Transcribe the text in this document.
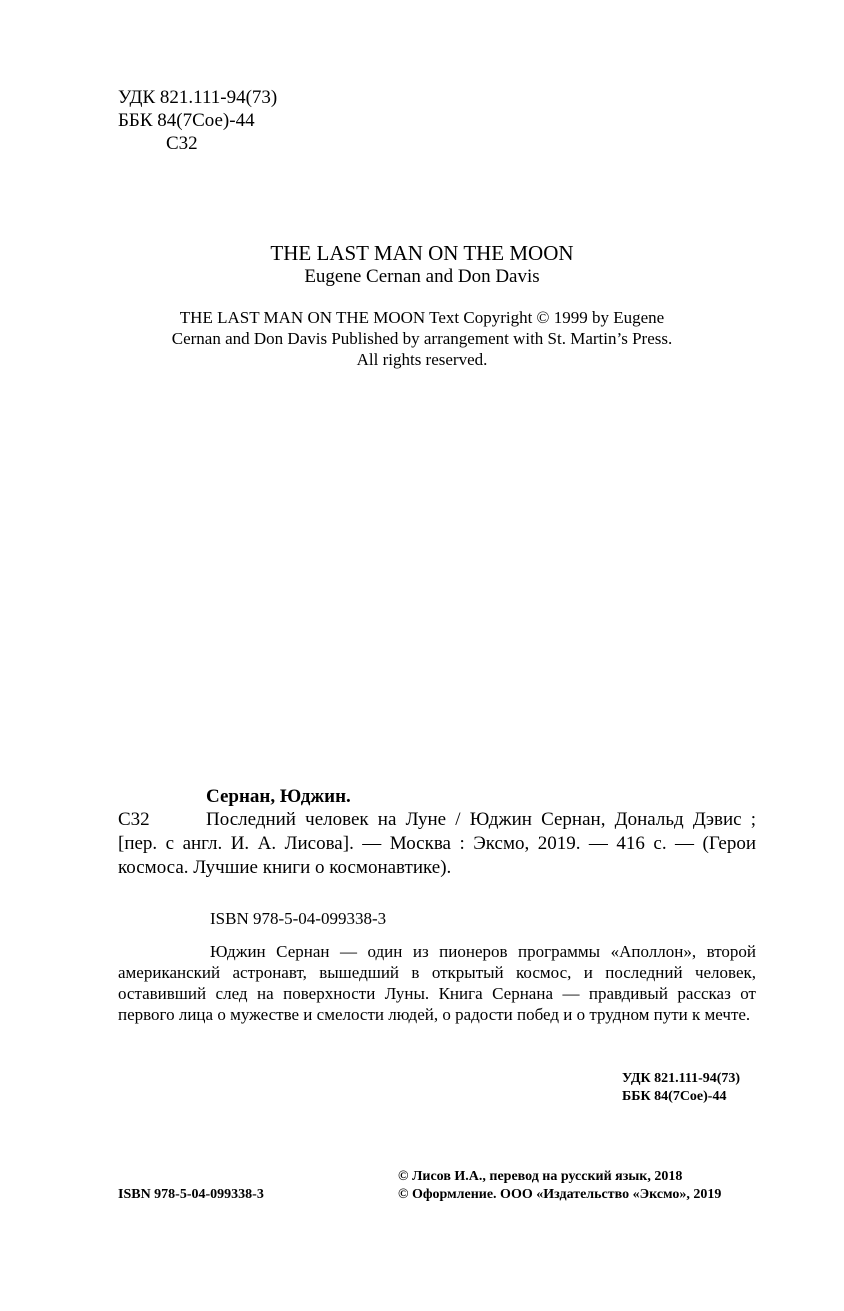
УДК 821.111-94(73)
ББК 84(7Сое)-44
С32
THE LAST MAN ON THE MOON
Eugene Cernan and Don Davis
THE LAST MAN ON THE MOON Text Copyright © 1999 by Eugene
Cernan and Don Davis Published by arrangement with St. Martin’s Press.
All rights reserved.
Сернан, Юджин.
С32	Последний человек на Луне / Юджин Сернан, Дональд Дэвис ; [пер. с англ. И. А. Лисова]. — Москва : Эксмо, 2019. — 416 с. — (Герои космоса. Лучшие книги о космонавтике).
ISBN 978-5-04-099338-3
Юджин Сернан — один из пионеров программы «Аполлон», второй американский астронавт, вышедший в открытый космос, и последний человек, оставивший след на поверхности Луны. Книга Сернана — правдивый рассказ от первого лица о мужестве и смелости людей, о радости побед и о трудном пути к мечте.
УДК 821.111-94(73)
ББК 84(7Сое)-44
ISBN 978-5-04-099338-3
© Лисов И.А., перевод на русский язык, 2018
© Оформление. ООО «Издательство «Эксмо», 2019
